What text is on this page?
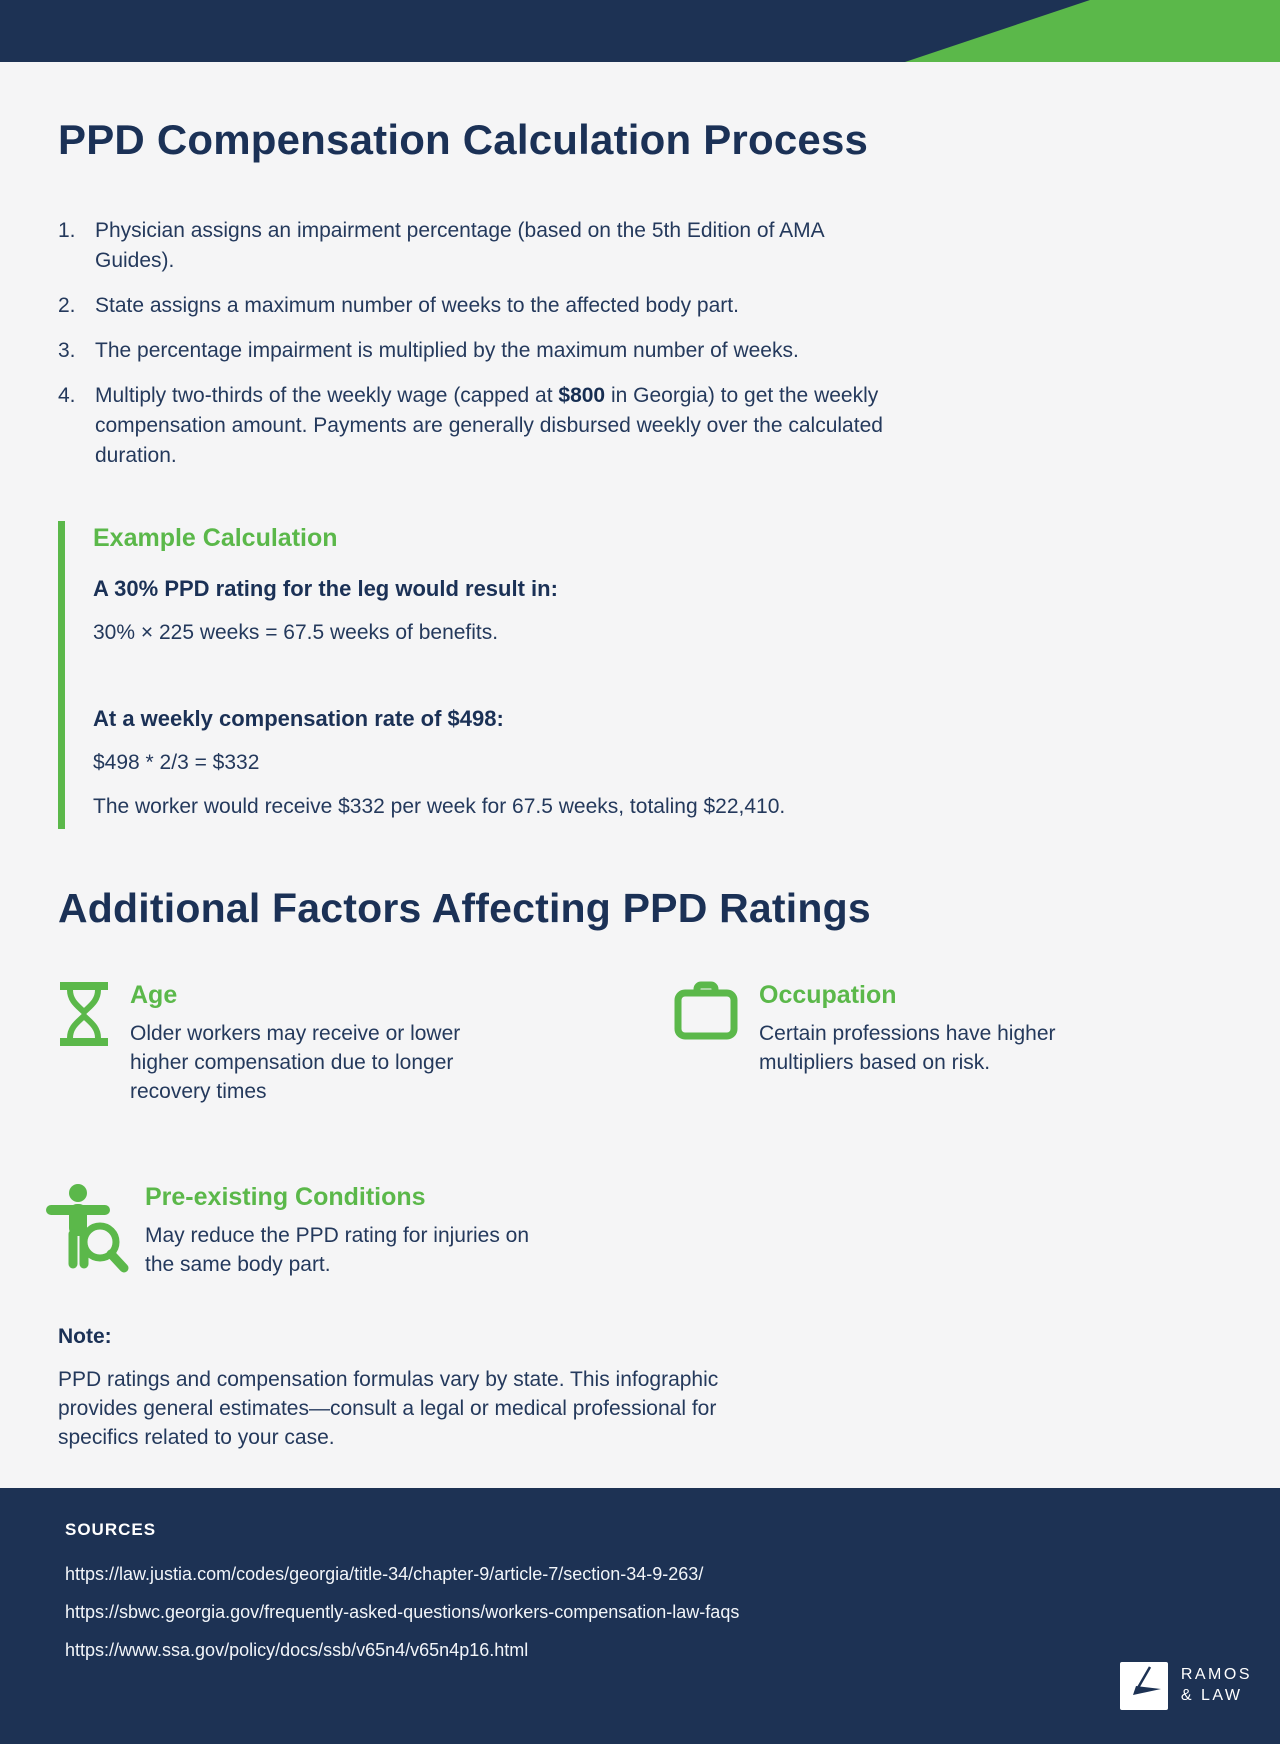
PPD Compensation Calculation Process
1. Physician assigns an impairment percentage (based on the 5th Edition of AMA Guides).
2. State assigns a maximum number of weeks to the affected body part.
3. The percentage impairment is multiplied by the maximum number of weeks.
4. Multiply two-thirds of the weekly wage (capped at $800 in Georgia) to get the weekly compensation amount. Payments are generally disbursed weekly over the calculated duration.
Example Calculation

A 30% PPD rating for the leg would result in:

30% × 225 weeks = 67.5 weeks of benefits.

At a weekly compensation rate of $498:

$498 * 2/3 = $332

The worker would receive $332 per week for 67.5 weeks, totaling $22,410.

Additional Factors Affecting PPD Ratings
Age
Older workers may receive or lower higher compensation due to longer recovery times
Occupation
Certain professions have higher multipliers based on risk.
Pre-existing Conditions
May reduce the PPD rating for injuries on the same body part.

Note:

PPD ratings and compensation formulas vary by state. This infographic provides general estimates—consult a legal or medical professional for specifics related to your case.

SOURCES
https://law.justia.com/codes/georgia/title-34/chapter-9/article-7/section-34-9-263/
https://sbwc.georgia.gov/frequently-asked-questions/workers-compensation-law-faqs
https://www.ssa.gov/policy/docs/ssb/v65n4/v65n4p16.html
RAMOS
& LAW
